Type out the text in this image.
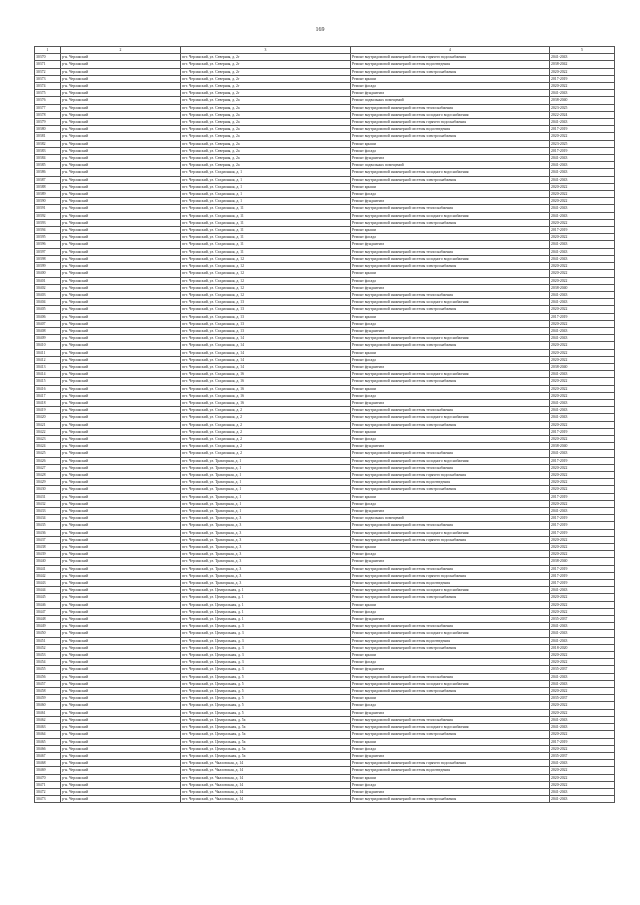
169
1	2	3	4	5
30370	р-н. Черлакский	пгт. Черлакский, ул. Северная, д. 2г	Ремонт внутридомовой инженерной системы горячего водоснабжения	2041-2043
30371	р-н. Черлакский	пгт. Черлакский, ул. Северная, д. 2г	Ремонт внутридомовой инженерной системы водоотведения	2038-2042
30372	р-н. Черлакский	пгт. Черлакский, ул. Северная, д. 2г	Ремонт внутридомовой инженерной системы электроснабжения	2020-2022
30373	р-н. Черлакский	пгт. Черлакский, ул. Северная, д. 2г	Ремонт крыши	2017-2019
30374	р-н. Черлакский	пгт. Черлакский, ул. Северная, д. 2г	Ремонт фасада	2020-2022
30375	р-н. Черлакский	пгт. Черлакский, ул. Северная, д. 2г	Ремонт фундамента	2041-2043
30376	р-н. Черлакский	пгт. Черлакский, ул. Северная, д. 2а	Ремонт подвальных помещений	2038-2040
30377	р-н. Черлакский	пгт. Черлакский, ул. Северная, д. 2а	Ремонт внутридомовой инженерной системы теплоснабжения	2023-2025
30378	р-н. Черлакский	пгт. Черлакский, ул. Северная, д. 2а	Ремонт внутридомовой инженерной системы холодного водоснабжения	2022-2024
30379	р-н. Черлакский	пгт. Черлакский, ул. Северная, д. 2а	Ремонт внутридомовой инженерной системы горячего водоснабжения	2041-2043
30380	р-н. Черлакский	пгт. Черлакский, ул. Северная, д. 2а	Ремонт внутридомовой инженерной системы водоотведения	2017-2019
30381	р-н. Черлакский	пгт. Черлакский, ул. Северная, д. 2а	Ремонт внутридомовой инженерной системы электроснабжения	2020-2022
30382	р-н. Черлакский	пгт. Черлакский, ул. Северная, д. 2а	Ремонт крыши	2023-2025
30383	р-н. Черлакский	пгт. Черлакский, ул. Северная, д. 2а	Ремонт фасада	2017-2019
30384	р-н. Черлакский	пгт. Черлакский, ул. Северная, д. 2а	Ремонт фундамента	2041-2043
30385	р-н. Черлакский	пгт. Черлакский, ул. Северная, д. 2а	Ремонт подвальных помещений	2041-2043
30386	р-н. Черлакский	пгт. Черлакский, ул. Стадионная, д. 1	Ремонт внутридомовой инженерной системы холодного водоснабжения	2041-2043
30387	р-н. Черлакский	пгт. Черлакский, ул. Стадионная, д. 1	Ремонт внутридомовой инженерной системы электроснабжения	2041-2043
30388	р-н. Черлакский	пгт. Черлакский, ул. Стадионная, д. 1	Ремонт крыши	2020-2022
30389	р-н. Черлакский	пгт. Черлакский, ул. Стадионная, д. 1	Ремонт фасада	2020-2022
30390	р-н. Черлакский	пгт. Черлакский, ул. Стадионная, д. 1	Ремонт фундамента	2020-2022
30391	р-н. Черлакский	пгт. Черлакский, ул. Стадионная, д. 11	Ремонт внутридомовой инженерной системы теплоснабжения	2041-2043
30392	р-н. Черлакский	пгт. Черлакский, ул. Стадионная, д. 11	Ремонт внутридомовой инженерной системы холодного водоснабжения	2041-2043
30393	р-н. Черлакский	пгт. Черлакский, ул. Стадионная, д. 11	Ремонт внутридомовой инженерной системы электроснабжения	2020-2022
30394	р-н. Черлакский	пгт. Черлакский, ул. Стадионная, д. 11	Ремонт крыши	2017-2019
30395	р-н. Черлакский	пгт. Черлакский, ул. Стадионная, д. 11	Ремонт фасада	2020-2022
30396	р-н. Черлакский	пгт. Черлакский, ул. Стадионная, д. 11	Ремонт фундамента	2041-2043
30397	р-н. Черлакский	пгт. Черлакский, ул. Стадионная, д. 11	Ремонт внутридомовой инженерной системы теплоснабжения	2041-2043
30398	р-н. Черлакский	пгт. Черлакский, ул. Стадионная, д. 12	Ремонт внутридомовой инженерной системы холодного водоснабжения	2041-2043
30399	р-н. Черлакский	пгт. Черлакский, ул. Стадионная, д. 12	Ремонт внутридомовой инженерной системы электроснабжения	2020-2022
30400	р-н. Черлакский	пгт. Черлакский, ул. Стадионная, д. 12	Ремонт крыши	2020-2022
30401	р-н. Черлакский	пгт. Черлакский, ул. Стадионная, д. 12	Ремонт фасада	2020-2022
30402	р-н. Черлакский	пгт. Черлакский, ул. Стадионная, д. 12	Ремонт фундамента	2038-2040
30403	р-н. Черлакский	пгт. Черлакский, ул. Стадионная, д. 12	Ремонт внутридомовой инженерной системы теплоснабжения	2041-2043
30404	р-н. Черлакский	пгт. Черлакский, ул. Стадионная, д. 13	Ремонт внутридомовой инженерной системы холодного водоснабжения	2041-2043
30405	р-н. Черлакский	пгт. Черлакский, ул. Стадионная, д. 13	Ремонт внутридомовой инженерной системы электроснабжения	2020-2022
30406	р-н. Черлакский	пгт. Черлакский, ул. Стадионная, д. 13	Ремонт крыши	2017-2019
30407	р-н. Черлакский	пгт. Черлакский, ул. Стадионная, д. 13	Ремонт фасада	2020-2022
30408	р-н. Черлакский	пгт. Черлакский, ул. Стадионная, д. 13	Ремонт фундамента	2041-2043
30409	р-н. Черлакский	пгт. Черлакский, ул. Стадионная, д. 14	Ремонт внутридомовой инженерной системы холодного водоснабжения	2041-2043
30410	р-н. Черлакский	пгт. Черлакский, ул. Стадионная, д. 14	Ремонт внутридомовой инженерной системы электроснабжения	2020-2022
30411	р-н. Черлакский	пгт. Черлакский, ул. Стадионная, д. 14	Ремонт крыши	2020-2022
30412	р-н. Черлакский	пгт. Черлакский, ул. Стадионная, д. 14	Ремонт фасада	2020-2022
30413	р-н. Черлакский	пгт. Черлакский, ул. Стадионная, д. 14	Ремонт фундамента	2038-2040
30414	р-н. Черлакский	пгт. Черлакский, ул. Стадионная, д. 16	Ремонт внутридомовой инженерной системы холодного водоснабжения	2041-2043
30415	р-н. Черлакский	пгт. Черлакский, ул. Стадионная, д. 16	Ремонт внутридомовой инженерной системы электроснабжения	2020-2022
30416	р-н. Черлакский	пгт. Черлакский, ул. Стадионная, д. 16	Ремонт крыши	2020-2022
30417	р-н. Черлакский	пгт. Черлакский, ул. Стадионная, д. 16	Ремонт фасада	2020-2022
30418	р-н. Черлакский	пгт. Черлакский, ул. Стадионная, д. 16	Ремонт фундамента	2041-2043
30419	р-н. Черлакский	пгт. Черлакский, ул. Стадионная, д. 2	Ремонт внутридомовой инженерной системы теплоснабжения	2041-2043
30420	р-н. Черлакский	пгт. Черлакский, ул. Стадионная, д. 2	Ремонт внутридомовой инженерной системы холодного водоснабжения	2041-2043
30421	р-н. Черлакский	пгт. Черлакский, ул. Стадионная, д. 2	Ремонт внутридомовой инженерной системы электроснабжения	2020-2022
30422	р-н. Черлакский	пгт. Черлакский, ул. Стадионная, д. 2	Ремонт крыши	2017-2019
30423	р-н. Черлакский	пгт. Черлакский, ул. Стадионная, д. 2	Ремонт фасада	2020-2022
30424	р-н. Черлакский	пгт. Черлакский, ул. Стадионная, д. 2	Ремонт фундамента	2038-2040
30425	р-н. Черлакский	пгт. Черлакский, ул. Стадионная, д. 2	Ремонт внутридомовой инженерной системы теплоснабжения	2041-2043
30426	р-н. Черлакский	пгт. Черлакский, ул. Тракторная, д. 1	Ремонт внутридомовой инженерной системы холодного водоснабжения	2017-2019
30427	р-н. Черлакский	пгт. Черлакский, ул. Тракторная, д. 1	Ремонт внутридомовой инженерной системы теплоснабжения	2020-2022
30428	р-н. Черлакский	пгт. Черлакский, ул. Тракторная, д. 1	Ремонт внутридомовой инженерной системы горячего водоснабжения	2020-2022
30429	р-н. Черлакский	пгт. Черлакский, ул. Тракторная, д. 1	Ремонт внутридомовой инженерной системы водоотведения	2020-2022
30430	р-н. Черлакский	пгт. Черлакский, ул. Тракторная, д. 1	Ремонт внутридомовой инженерной системы электроснабжения	2020-2022
30431	р-н. Черлакский	пгт. Черлакский, ул. Тракторная, д. 1	Ремонт крыши	2017-2019
30432	р-н. Черлакский	пгт. Черлакский, ул. Тракторная, д. 1	Ремонт фасада	2020-2022
30433	р-н. Черлакский	пгт. Черлакский, ул. Тракторная, д. 1	Ремонт фундамента	2041-2043
30434	р-н. Черлакский	пгт. Черлакский, ул. Тракторная, д. 3	Ремонт подвальных помещений	2017-2019
30435	р-н. Черлакский	пгт. Черлакский, ул. Тракторная, д. 3	Ремонт внутридомовой инженерной системы теплоснабжения	2017-2019
30436	р-н. Черлакский	пгт. Черлакский, ул. Тракторная, д. 3	Ремонт внутридомовой инженерной системы холодного водоснабжения	2017-2019
30437	р-н. Черлакский	пгт. Черлакский, ул. Тракторная, д. 3	Ремонт внутридомовой инженерной системы горячего водоснабжения	2020-2022
30438	р-н. Черлакский	пгт. Черлакский, ул. Тракторная, д. 3	Ремонт крыши	2020-2022
30439	р-н. Черлакский	пгт. Черлакский, ул. Тракторная, д. 3	Ремонт фасада	2020-2022
30440	р-н. Черлакский	пгт. Черлакский, ул. Тракторная, д. 3	Ремонт фундамента	2038-2040
30441	р-н. Черлакский	пгт. Черлакский, ул. Тракторная, д. 3	Ремонт внутридомовой инженерной системы теплоснабжения	2017-2019
30442	р-н. Черлакский	пгт. Черлакский, ул. Тракторная, д. 3	Ремонт внутридомовой инженерной системы горячего водоснабжения	2017-2019
30443	р-н. Черлакский	пгт. Черлакский, ул. Тракторная, д. 3	Ремонт внутридомовой инженерной системы водоотведения	2017-2019
30444	р-н. Черлакский	пгт. Черлакский, ул. Центральная, д. 1	Ремонт внутридомовой инженерной системы холодного водоснабжения	2041-2043
30445	р-н. Черлакский	пгт. Черлакский, ул. Центральная, д. 1	Ремонт внутридомовой инженерной системы электроснабжения	2020-2022
30446	р-н. Черлакский	пгт. Черлакский, ул. Центральная, д. 1	Ремонт крыши	2020-2022
30447	р-н. Черлакский	пгт. Черлакский, ул. Центральная, д. 1	Ремонт фасада	2020-2022
30448	р-н. Черлакский	пгт. Черлакский, ул. Центральная, д. 1	Ремонт фундамента	2035-2037
30449	р-н. Черлакский	пгт. Черлакский, ул. Центральная, д. 3	Ремонт внутридомовой инженерной системы теплоснабжения	2041-2043
30450	р-н. Черлакский	пгт. Черлакский, ул. Центральная, д. 3	Ремонт внутридомовой инженерной системы холодного водоснабжения	2041-2043
30451	р-н. Черлакский	пгт. Черлакский, ул. Центральная, д. 3	Ремонт внутридомовой инженерной системы водоотведения	2041-2043
30452	р-н. Черлакский	пгт. Черлакский, ул. Центральная, д. 3	Ремонт внутридомовой инженерной системы электроснабжения	2018-2020
30453	р-н. Черлакский	пгт. Черлакский, ул. Центральная, д. 3	Ремонт крыши	2020-2022
30454	р-н. Черлакский	пгт. Черлакский, ул. Центральная, д. 3	Ремонт фасада	2020-2022
30455	р-н. Черлакский	пгт. Черлакский, ул. Центральная, д. 3	Ремонт фундамента	2035-2037
30456	р-н. Черлакский	пгт. Черлакский, ул. Центральная, д. 5	Ремонт внутридомовой инженерной системы теплоснабжения	2041-2043
30457	р-н. Черлакский	пгт. Черлакский, ул. Центральная, д. 5	Ремонт внутридомовой инженерной системы холодного водоснабжения	2041-2043
30458	р-н. Черлакский	пгт. Черлакский, ул. Центральная, д. 5	Ремонт внутридомовой инженерной системы электроснабжения	2020-2022
30459	р-н. Черлакский	пгт. Черлакский, ул. Центральная, д. 5	Ремонт крыши	2035-2037
30460	р-н. Черлакский	пгт. Черлакский, ул. Центральная, д. 5	Ремонт фасада	2020-2022
30461	р-н. Черлакский	пгт. Черлакский, ул. Центральная, д. 5	Ремонт фундамента	2020-2022
30462	р-н. Черлакский	пгт. Черлакский, ул. Центральная, д. 5а	Ремонт внутридомовой инженерной системы теплоснабжения	2041-2043
30463	р-н. Черлакский	пгт. Черлакский, ул. Центральная, д. 5а	Ремонт внутридомовой инженерной системы холодного водоснабжения	2041-2043
30464	р-н. Черлакский	пгт. Черлакский, ул. Центральная, д. 5а	Ремонт внутридомовой инженерной системы электроснабжения	2020-2022
30465	р-н. Черлакский	пгт. Черлакский, ул. Центральная, д. 5а	Ремонт крыши	2017-2019
30466	р-н. Черлакский	пгт. Черлакский, ул. Центральная, д. 5а	Ремонт фасада	2020-2022
30467	р-н. Черлакский	пгт. Черлакский, ул. Центральная, д. 5а	Ремонт фундамента	2035-2037
30468	р-н. Черлакский	пгт. Черлакский, ул. Чкаловская, д. 14	Ремонт внутридомовой инженерной системы горячего водоснабжения	2041-2043
30469	р-н. Черлакский	пгт. Черлакский, ул. Чкаловская, д. 14	Ремонт внутридомовой инженерной системы водоотведения	2020-2022
30470	р-н. Черлакский	пгт. Черлакский, ул. Чкаловская, д. 14	Ремонт крыши	2020-2022
30471	р-н. Черлакский	пгт. Черлакский, ул. Чкаловская, д. 14	Ремонт фасада	2020-2022
30472	р-н. Черлакский	пгт. Черлакский, ул. Чкаловская, д. 14	Ремонт фундамента	2041-2043
30473	р-н. Черлакский	пгт. Черлакский, ул. Чкаловская, д. 14	Ремонт внутридомовой инженерной системы электроснабжения	2041-2043
